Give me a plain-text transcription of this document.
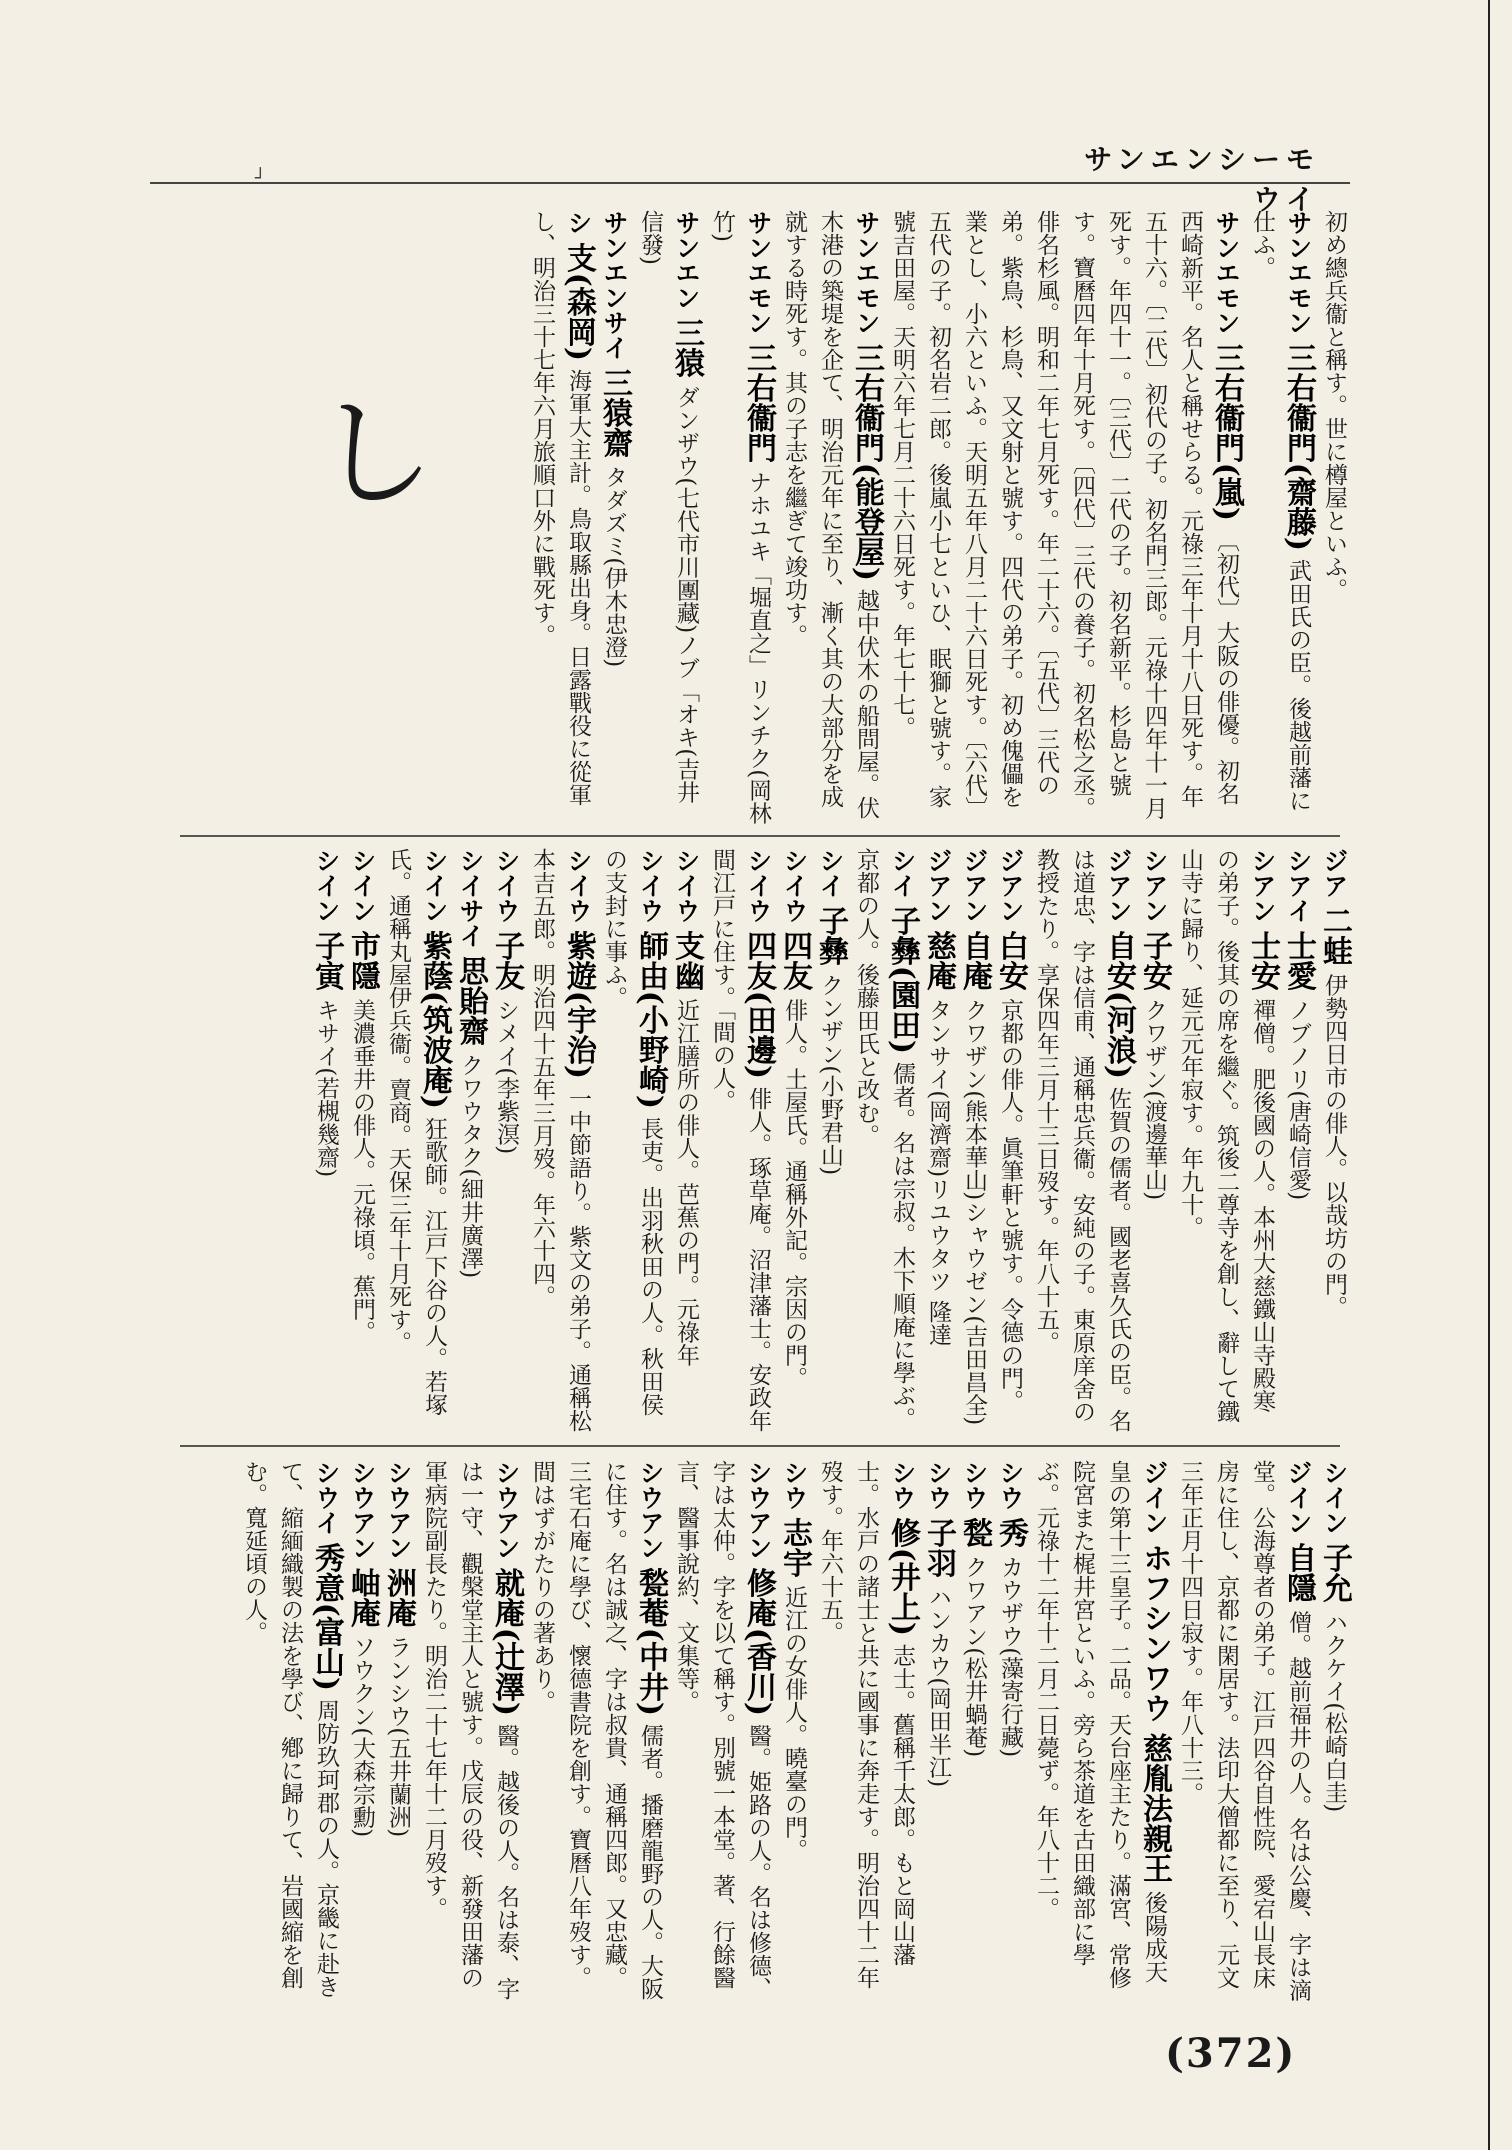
┘
サンエンシーモウイ

初め總兵衞と稱す。世に樽屋といふ。

サンエモン 三右衞門(齋藤) 武田氏の臣。後越前藩に仕ふ。

サンエモン 三右衞門(嵐) 〔初代〕大阪の俳優。初名西崎新平。名人と稱せらる。元祿三年十月十八日死す。年五十六。〔二代〕初代の子。初名門三郎。元祿十四年十一月死す。年四十一。〔三代〕二代の子。初名新平。杉島と號す。寶曆四年十月死す。〔四代〕三代の養子。初名松之丞。俳名杉風。明和二年七月死す。年二十六。〔五代〕三代の弟。紫鳥、杉鳥、又文射と號す。四代の弟子。初め傀儡を業とし、小六といふ。天明五年八月二十六日死す。〔六代〕五代の子。初名岩二郎。後嵐小七といひ、眠獅と號す。家號吉田屋。天明六年七月二十六日死す。年七十七。

サンエモン 三右衞門(能登屋) 越中伏木の船問屋。伏木港の築堤を企て、明治元年に至り、漸く其の大部分を成就する時死す。其の子志を繼ぎて竣功す。

サンエモン 三右衞門 ナホユキ「堀直之」リンチク(岡林竹)

サンエン 三猿 ダンザウ(七代市川團藏)ノブ「オキ(吉井信發)

サンエンサイ 三猿齋 タダズミ(伊木忠澄)

シ 支(森岡) 海軍大主計。鳥取縣出身。日露戰役に從軍し、明治三十七年六月旅順口外に戰死す。

し

ジア 二蛙 伊勢四日市の俳人。以哉坊の門。

シアイ 士愛 ノブノリ(唐崎信愛)

シアン 士安 禪僧。肥後國の人。本州大慈鐵山寺殿寒の弟子。後其の席を繼ぐ。筑後二尊寺を創し、辭して鐵山寺に歸り、延元元年寂す。年九十。

シアン 子安 クワザン(渡邊華山)

ジアン 自安(河浪) 佐賀の儒者。國老喜久氏の臣。名は道忠、字は信甫、通稱忠兵衞。安純の子。東原庠舍の教授たり。享保四年三月十三日歿す。年八十五。

ジアン 白安 京都の俳人。眞筆軒と號す。令德の門。

ジアン 自庵 クワザン(熊本華山)シャウゼン(吉田昌全)

ジアン 慈庵 タンサイ(岡濟齋)リユウタツ 隆達

シイ 子彝(園田) 儒者。名は宗叔。木下順庵に學ぶ。京都の人。後藤田氏と改む。

シイ 子彝 クンザン(小野君山)

シイウ 四友 俳人。土屋氏。通稱外記。宗因の門。

シイウ 四友(田邊) 俳人。琢草庵。沼津藩士。安政年間江戸に住す。「間の人。

シイウ 支幽 近江膳所の俳人。芭蕉の門。元祿年

シイウ 師由(小野崎) 長吏。出羽秋田の人。秋田侯の支封に事ふ。

シイウ 紫遊(宇治) 一中節語り。紫文の弟子。通稱松本吉五郎。明治四十五年三月歿。年六十四。

シイウ 子友 シメイ(李紫溟)

シイサイ 思貽齋 クワウタク(細井廣澤)

シイン 紫蔭(筑波庵) 狂歌師。江戸下谷の人。若塚氏。通稱丸屋伊兵衞。賣商。天保三年十月死す。

シイン 市隱 美濃垂井の俳人。元祿頃。蕉門。

シイン 子寅 キサイ(若槻幾齋)

シイン 子允 ハクケイ(松崎白圭)

ジイン 自隱 僧。越前福井の人。名は公慶、字は滴堂。公海尊者の弟子。江戸四谷自性院、愛宕山長床房に住し、京都に閑居す。法印大僧都に至り、元文三年正月十四日寂す。年八十三。

ジイン ホフシンワウ 慈胤法親王 後陽成天皇の第十三皇子。二品。天台座主たり。滿宮、常修院宮また梶井宮といふ。旁ら茶道を古田織部に學ぶ。元祿十二年十二月二日薨ず。年八十二。

シウ 秀 カウザウ(藻寄行藏)

シウ 甃 クワアン(松井蝸菴)

シウ 子羽 ハンカウ(岡田半江)

シウ 修(井上) 志士。舊稱千太郎。もと岡山藩士。水戸の諸士と共に國事に奔走す。明治四十二年歿す。年六十五。

シウ 志宇 近江の女俳人。曉臺の門。

シウアン 修庵(香川) 醫。姫路の人。名は修德、字は太仲。字を以て稱す。別號一本堂。著、行餘醫言、醫事說約、文集等。

シウアン 甃菴(中井) 儒者。播磨龍野の人。大阪に住す。名は誠之、字は叔貴、通稱四郎。又忠藏。三宅石庵に學び、懷德書院を創す。寶曆八年歿す。間はずがたりの著あり。

シウアン 就庵(辻澤) 醫。越後の人。名は泰、字は一守、觀槃堂主人と號す。戊辰の役、新發田藩の軍病院副長たり。明治二十七年十二月歿す。

シウアン 洲庵 ランシウ(五井蘭洲)

シウアン 岫庵 ソウクン(大森宗勳)

シウイ 秀意(富山) 周防玖珂郡の人。京畿に赴きて、縮緬織製の法を學び、鄕に歸りて、岩國縮を創む。寬延頃の人。

(372)
